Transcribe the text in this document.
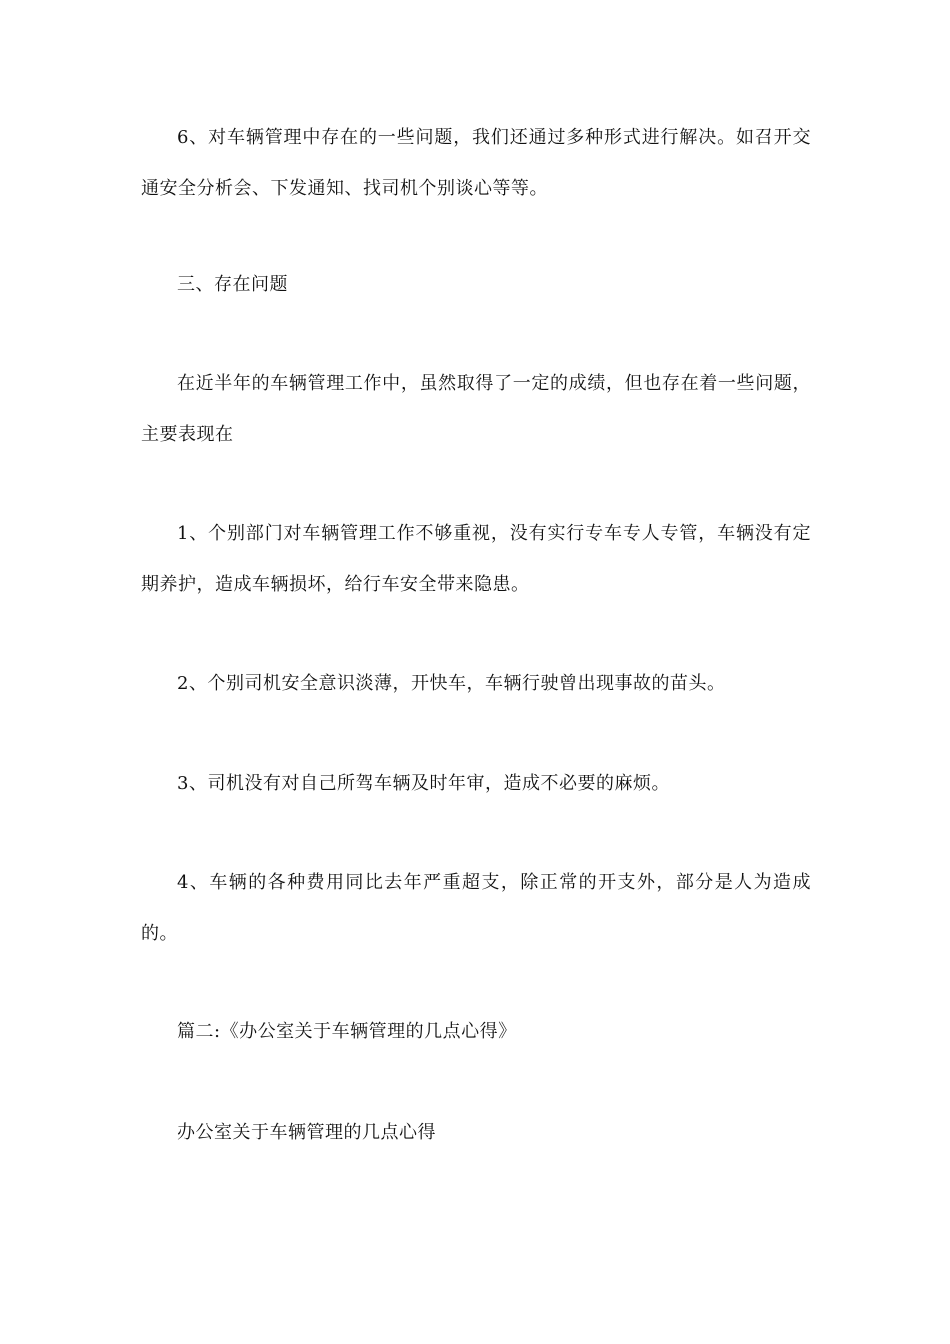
6、对车辆管理中存在的一些问题，我们还通过多种形式进行解决。如召开交通安全分析会、下发通知、找司机个别谈心等等。

三、存在问题

在近半年的车辆管理工作中，虽然取得了一定的成绩，但也存在着一些问题，主要表现在

1、个别部门对车辆管理工作不够重视，没有实行专车专人专管，车辆没有定期养护，造成车辆损坏，给行车安全带来隐患。

2、个别司机安全意识淡薄，开快车，车辆行驶曾出现事故的苗头。

3、司机没有对自己所驾车辆及时年审，造成不必要的麻烦。

4、车辆的各种费用同比去年严重超支，除正常的开支外，部分是人为造成的。

篇二:《办公室关于车辆管理的几点心得》

办公室关于车辆管理的几点心得
